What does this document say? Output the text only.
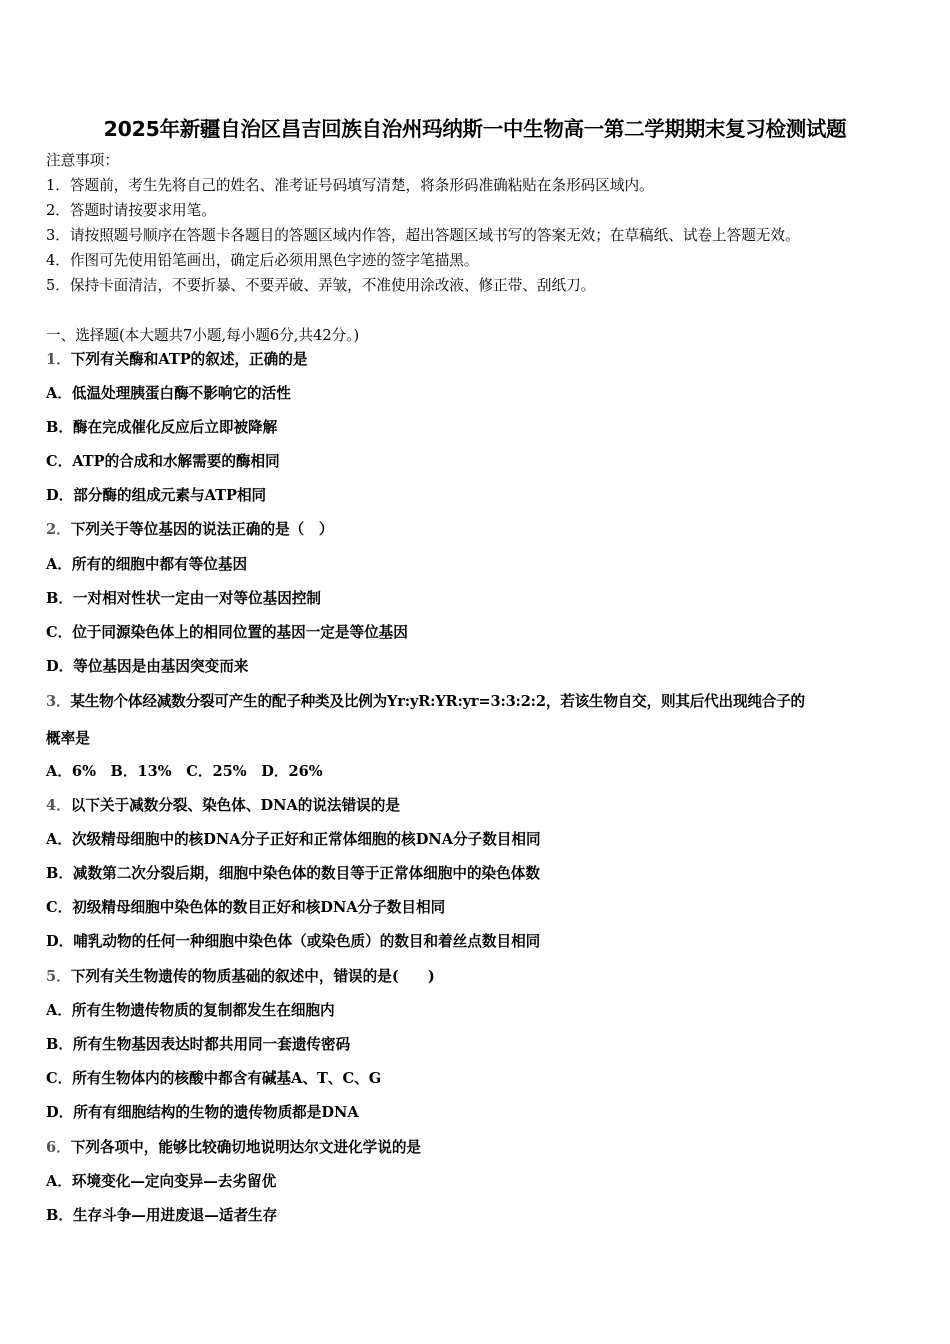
2025年新疆自治区昌吉回族自治州玛纳斯一中生物高一第二学期期末复习检测试题
注意事项：
1．答题前，考生先将自己的姓名、准考证号码填写清楚，将条形码准确粘贴在条形码区域内。
2．答题时请按要求用笔。
3．请按照题号顺序在答题卡各题目的答题区域内作答，超出答题区域书写的答案无效；在草稿纸、试卷上答题无效。
4．作图可先使用铅笔画出，确定后必须用黑色字迹的签字笔描黑。
5．保持卡面清洁，不要折暴、不要弄破、弄皱，不准使用涂改液、修正带、刮纸刀。
一、选择题(本大题共7小题,每小题6分,共42分。)
1．下列有关酶和ATP的叙述，正确的是
A．低温处理胰蛋白酶不影响它的活性
B．酶在完成催化反应后立即被降解
C．ATP的合成和水解需要的酶相同
D．部分酶的组成元素与ATP相同
2．下列关于等位基因的说法正确的是（　）
A．所有的细胞中都有等位基因
B．一对相对性状一定由一对等位基因控制
C．位于同源染色体上的相同位置的基因一定是等位基因
D．等位基因是由基因突变而来
3．某生物个体经减数分裂可产生的配子种类及比例为Yr:yR:YR:yr=3:3:2:2，若该生物自交，则其后代出现纯合子的
概率是
A．6%　B．13%　C．25%　D．26%
4．以下关于减数分裂、染色体、DNA的说法错误的是
A．次级精母细胞中的核DNA分子正好和正常体细胞的核DNA分子数目相同
B．减数第二次分裂后期，细胞中染色体的数目等于正常体细胞中的染色体数
C．初级精母细胞中染色体的数目正好和核DNA分子数目相同
D．哺乳动物的任何一种细胞中染色体（或染色质）的数目和着丝点数目相同
5．下列有关生物遗传的物质基础的叙述中，错误的是(　　)
A．所有生物遗传物质的复制都发生在细胞内
B．所有生物基因表达时都共用同一套遗传密码
C．所有生物体内的核酸中都含有碱基A、T、C、G
D．所有有细胞结构的生物的遗传物质都是DNA
6．下列各项中，能够比较确切地说明达尔文进化学说的是
A．环境变化—定向变异—去劣留优
B．生存斗争—用进废退—适者生存
